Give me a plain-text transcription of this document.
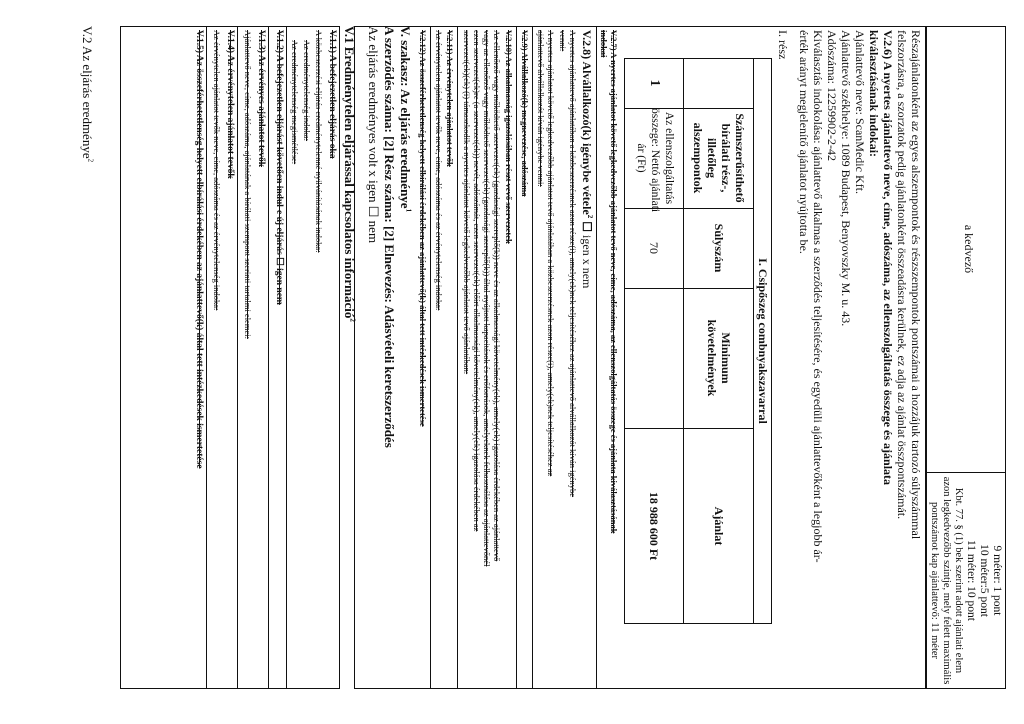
a kedvező
9 méter: 1 pont
10 méter:5 pont
11 méter: 10 pont
Kbt. 77. § (1) bek szerint adott ajánlati elem
azon legkedvezőbb szintje, mely felett maximális
pontszámot kap ajánlattevő: 11 méter
Részajánlatonként az egyes alszempontok és részszempontok pontszámai a hozzájuk tartozó súlyszámmal
felszorzásra, a szorzatok pedig ajánlatonként összeadásra kerülnek, ez adja az ajánlat összpontszámát.
V.2.6) A nyertes ajánlattevő neve, címe, adószáma, az ellenszolgáltatás összege és ajánlata
kiválasztásának indokai:
Ajánlattevő neve: ScanMedic Kft.
Ajánlattevő székhelye: 1089 Budapest, Benyovszky M. u. 43.
Adószáma: 12259902-2-42
Kiválasztás indokolása: ajánlattevő alkalmas a szerződés teljesítésére, és egyedüli ajánlattevőként a legjobb ár-
érték arányt megjelenítő ajánlatot nyújtotta be.
I. rész
I. Csipőszeg combnyakszavarral
Számszerűsíthető
bírálati rész-,
illetőleg
alszempontok
Súlyszám
Minimum
követelmények
Ajánlat
1
Az ellenszolgáltatás
összege: Nettó ajánlati
ár (Ft)
70
18 988 600 Ft
V.2.7) A nyertes ajánlatot követő legkedvezőbb ajánlatot tevő neve, címe, adószáma, az ellenszolgáltatás összege és ajánlata kiválasztásának
indokai
V.2.8) Alvállalkozó(k) igénybe vétele$^2$ ☐ igen x nem
A nyertes ajánlattevő ajánlatában a közbeszerzésnek azon része(i), amely(ek)nek teljesítéséhez az ajánlattevő alvállalkozót kíván igénybe
venni:
A nyertes ajánlatot követő legkedvezőbb ajánlatot tevő ajánlatában a közbeszerzésnek azon része(i), amely(ek)nek teljesítéséhez az
ajánlattevő alvállalkozót kíván igénybe venni:
V.2.9) Alvállalkozó(k) megnevezése, adószáma
V.2.10) Az alkalmasság igazolásában részt vevő szervezetek
Az ellenőrző vagy működtető szervezet(ek) (gazdasági szereplő(k)) neve és az alkalmassági követelmény(ek), amely(ek) igazolása érdekében az ajánlattevő
vagy az ellenőrző vagy működtető szervezet(ek) (gazdasági szereplő(k)) által nyújtott kapacitások és erőforrások, amelyeknek felhasználása az ajánlattevőnél
ezen szervezet(ek)re (a szervezet(ek)) nevét, adószámát, ezen szervezet(ek) előírt alkalmassági követelmény(ek), amely(ek) igazolása érdekében az
szervezet(ek)(ek) (i) támaszkodik a nyertes ajánlatot követő legkedvezőbb ajánlatot tevő ajánlatában:
V.2.11) Az érvénytelen ajánlatot tevők
Az érvénytelen ajánlatot tevők neve, címe, adószáma és az érvénytelenség indoka:
V.2.12) Az összeférhetetlenség helyett elbírálási érdekében az ajánlattevő(k) által tett intézkedések ismertetése
V. szakasz: Az eljárás eredménye$^1$
A szerződés száma: [2] Rész száma: [2] Elnevezés: Adásvételi keretszerződés
Az eljárás eredményes volt x igen ☐ nem
V.1 Eredménytelen eljárással kapcsolatos információ$^2$
V.1.1) A befejezetlen eljárás oka
A közbeszerzési eljárás eredménytelenné nyilvánításának indoka:
Az eredménytelenség indoka:
Az eredménytelenség megismétlése:
V.1.2) A befejezetlen eljárást követően indul-e új eljárás ☐ igen nem
V.1.3) Az érvényes ajánlatot tevők
Ajánlattevő neve, címe, adószáma, ajánlatának a bírálati szempont szerinti tartalmi elemei:
V.1.4) Az érvénytelen ajánlatot tevők
Az érvénytelen ajánlatot tevők neve, címe, adószáma és az érvénytelenség indoka:
V.1.5) Az összeférhetetlenség helyett elbírálási érdekében az ajánlattevő(k) által tett intézkedések ismertetése
V.2 Az eljárás eredménye$^2$
